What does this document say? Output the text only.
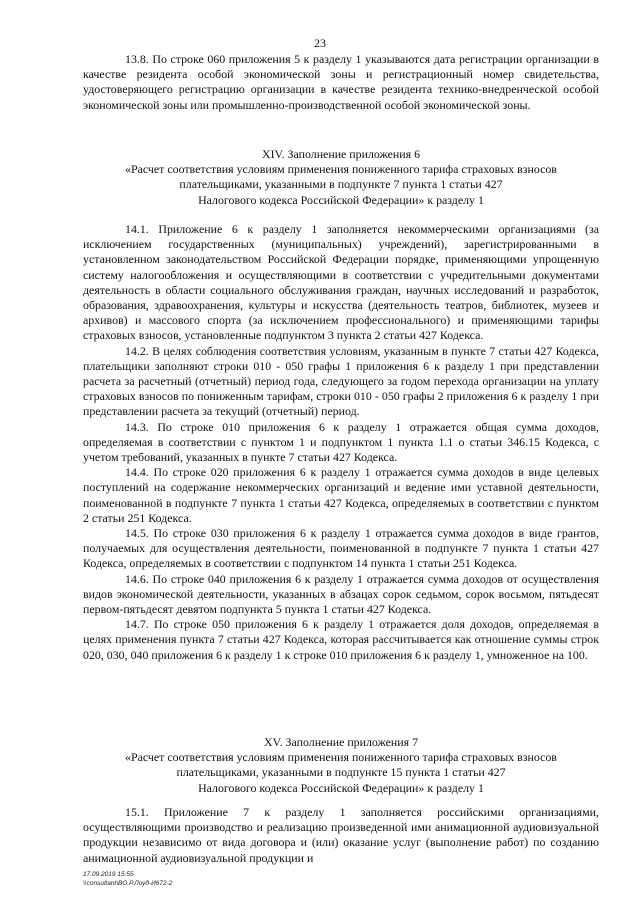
23

13.8. По строке 060 приложения 5 к разделу 1 указываются дата регистрации организации в качестве резидента особой экономической зоны и регистрационный номер свидетельства, удостоверяющего регистрацию организации в качестве резидента технико-внедренческой особой экономической зоны или промышленно-производственной особой экономической зоны.

XIV. Заполнение приложения 6

«Расчет соответствия условиям применения пониженного тарифа страховых взносов

плательщиками, указанными в подпункте 7 пункта 1 статьи 427

Налогового кодекса Российской Федерации» к разделу 1

14.1. Приложение 6 к разделу 1 заполняется некоммерческими организациями (за исключением государственных (муниципальных) учреждений), зарегистрированными в установленном законодательством Российской Федерации порядке, применяющими упрощенную систему налогообложения и осуществляющими в соответствии с учредительными документами деятельность в области социального обслуживания граждан, научных исследований и разработок, образования, здравоохранения, культуры и искусства (деятельность театров, библиотек, музеев и архивов) и массового спорта (за исключением профессионального) и применяющими тарифы страховых взносов, установленные подпунктом 3 пункта 2 статьи 427 Кодекса.

14.2. В целях соблюдения соответствия условиям, указанным в пункте 7 статьи 427 Кодекса, плательщики заполняют строки 010 - 050 графы 1 приложения 6 к разделу 1 при представлении расчета за расчетный (отчетный) период года, следующего за годом перехода организации на уплату страховых взносов по пониженным тарифам, строки 010 - 050 графы 2 приложения 6 к разделу 1 при представлении расчета за текущий (отчетный) период.

14.3. По строке 010 приложения 6 к разделу 1 отражается общая сумма доходов, определяемая в соответствии с пунктом 1 и подпунктом 1 пункта 1.1 о статьи 346.15 Кодекса, с учетом требований, указанных в пункте 7 статьи 427 Кодекса.

14.4. По строке 020 приложения 6 к разделу 1 отражается сумма доходов в виде целевых поступлений на содержание некоммерческих организаций и ведение ими уставной деятельности, поименованной в подпункте 7 пункта 1 статьи 427 Кодекса, определяемых в соответствии с пунктом 2 статьи 251 Кодекса.

14.5. По строке 030 приложения 6 к разделу 1 отражается сумма доходов в виде грантов, получаемых для осуществления деятельности, поименованной в подпункте 7 пункта 1 статьи 427 Кодекса, определяемых в соответствии с подпунктом 14 пункта 1 статьи 251 Кодекса.

14.6. По строке 040 приложения 6 к разделу 1 отражается сумма доходов от осуществления видов экономической деятельности, указанных в абзацах сорок седьмом, сорок восьмом, пятьдесят первом-пятьдесят девятом подпункта 5 пункта 1 статьи 427 Кодекса.

14.7. По строке 050 приложения 6 к разделу 1 отражается доля доходов, определяемая в целях применения пункта 7 статьи 427 Кодекса, которая рассчитывается как отношение суммы строк 020, 030, 040 приложения 6 к разделу 1 к строке 010 приложения 6 к разделу 1, умноженное на 100.

XV. Заполнение приложения 7

«Расчет соответствия условиям применения пониженного тарифа страховых взносов

плательщиками, указанными в подпункте 15 пункта 1 статьи 427

Налогового кодекса Российской Федерации» к разделу 1

15.1. Приложение 7 к разделу 1 заполняется российскими организациями, осуществляющими производство и реализацию произведенной ими анимационной аудиовизуальной продукции независимо от вида договора и (или) оказание услуг (выполнение работ) по созданию анимационной аудиовизуальной продукции и

17.09.2019 15:55
\\consultant\ВО.Р.Лоуд-И672-2
